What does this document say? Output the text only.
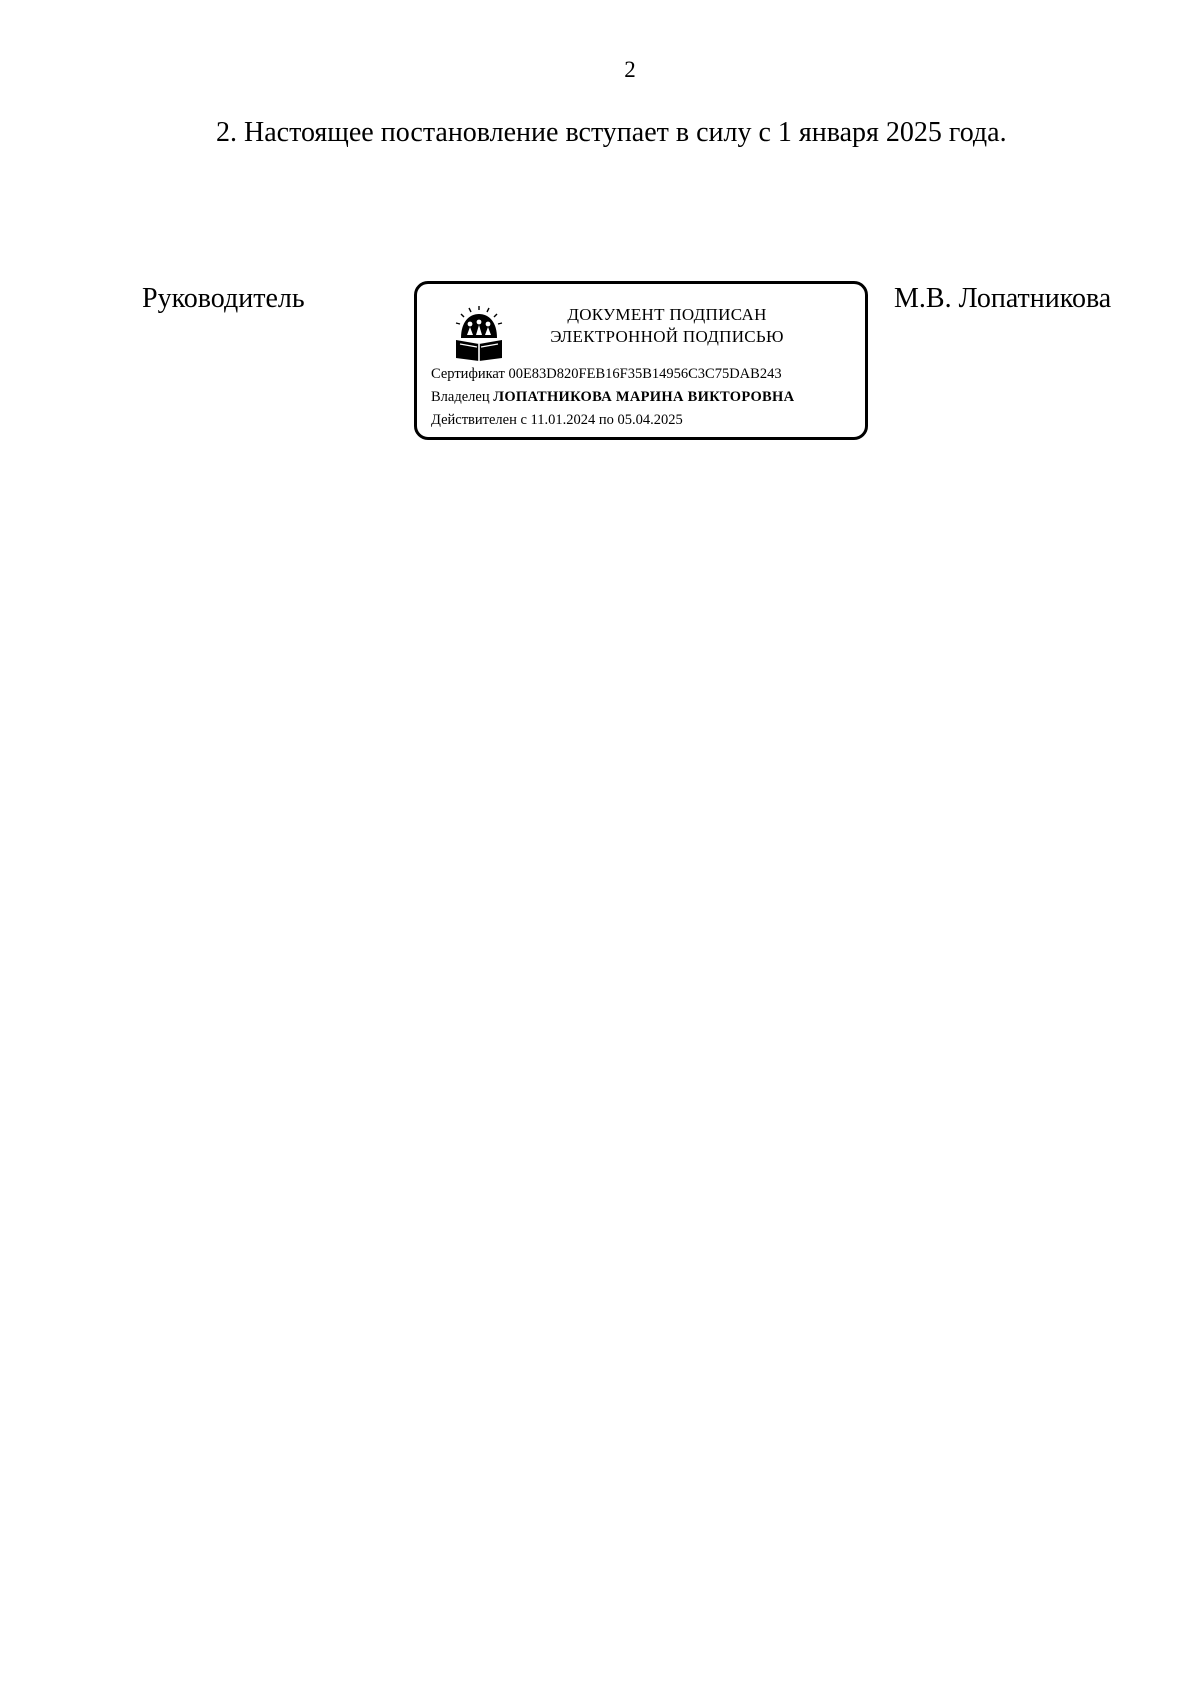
2
2. Настоящее постановление вступает в силу с 1 января 2025 года.
Руководитель
ДОКУМЕНТ ПОДПИСАН
ЭЛЕКТРОННОЙ ПОДПИСЬЮ
Сертификат 00E83D820FEB16F35B14956C3C75DAB243
Владелец ЛОПАТНИКОВА МАРИНА ВИКТОРОВНА
Действителен с 11.01.2024 по 05.04.2025
М.В. Лопатникова
